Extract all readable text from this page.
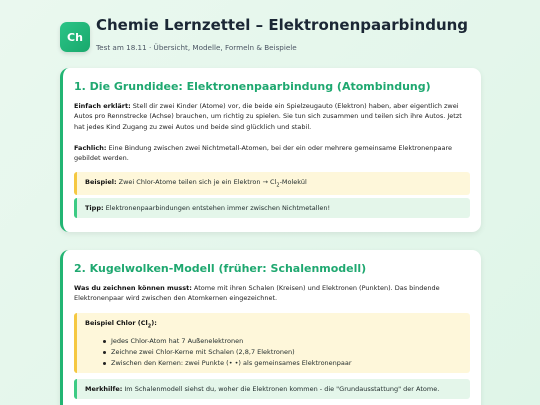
Ch
Chemie Lernzettel – Elektronenpaarbindung
Test am 18.11 · Übersicht, Modelle, Formeln & Beispiele
1. Die Grundidee: Elektronenpaarbindung (Atombindung)
Einfach erklärt: Stell dir zwei Kinder (Atome) vor, die beide ein Spielzeugauto (Elektron) haben, aber eigentlich zwei Autos pro Rennstrecke (Achse) brauchen, um richtig zu spielen. Sie tun sich zusammen und teilen sich ihre Autos. Jetzt hat jedes Kind Zugang zu zwei Autos und beide sind glücklich und stabil.
Fachlich: Eine Bindung zwischen zwei Nichtmetall-Atomen, bei der ein oder mehrere gemeinsame Elektronenpaare gebildet werden.
Beispiel: Zwei Chlor-Atome teilen sich je ein Elektron → $Cl_2$-Molekül
Tipp: Elektronenpaarbindungen entstehen immer zwischen Nichtmetallen!
2. Kugelwolken-Modell (früher: Schalenmodell)
Was du zeichnen können musst: Atome mit ihren Schalen (Kreisen) und Elektronen (Punkten). Das bindende Elektronenpaar wird zwischen den Atomkernen eingezeichnet.
Beispiel Chlor $(Cl_2)$:
Jedes Chlor-Atom hat 7 Außenelektronen
Zeichne zwei Chlor-Kerne mit Schalen (2,8,7 Elektronen)
Zwischen den Kernen: zwei Punkte (• •) als gemeinsames Elektronenpaar
Merkhilfe: Im Schalenmodell siehst du, woher die Elektronen kommen - die "Grundausstattung" der Atome.
